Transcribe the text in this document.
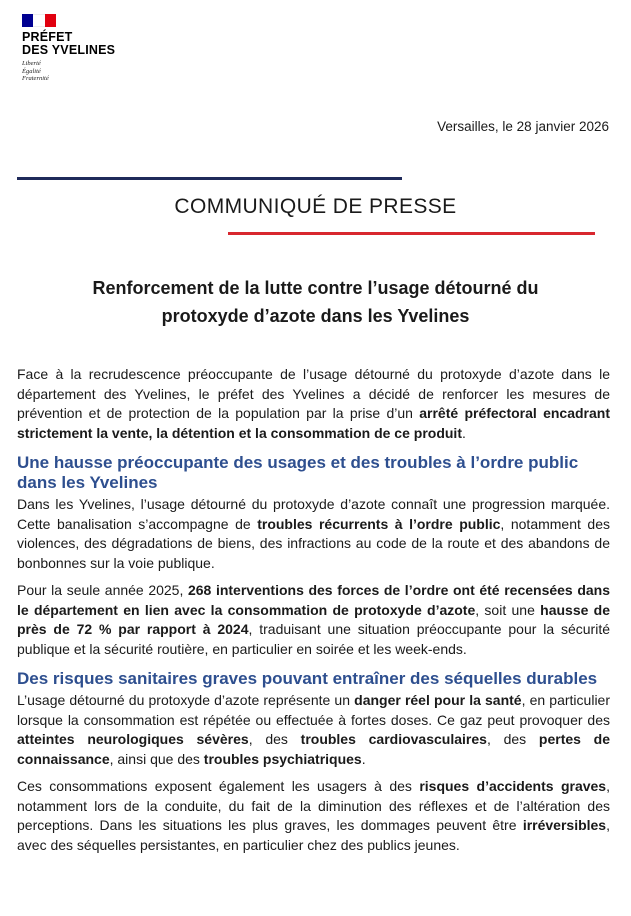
PRÉFET
DES YVELINES
Liberté
Égalité
Fraternité
Versailles, le 28 janvier 2026
COMMUNIQUÉ DE PRESSE
Renforcement de la lutte contre l’usage détourné du
protoxyde d’azote dans les Yvelines

Face à la recrudescence préoccupante de l’usage détourné du protoxyde d’azote dans le département des Yvelines, le préfet des Yvelines a décidé de renforcer les mesures de prévention et de protection de la population par la prise d’un arrêté préfectoral encadrant strictement la vente, la détention et la consommation de ce produit.

Une hausse préoccupante des usages et des troubles à l’ordre public dans les Yvelines

Dans les Yvelines, l’usage détourné du protoxyde d’azote connaît une progression marquée. Cette banalisation s’accompagne de troubles récurrents à l’ordre public, notamment des violences, des dégradations de biens, des infractions au code de la route et des abandons de bonbonnes sur la voie publique.

Pour la seule année 2025, 268 interventions des forces de l’ordre ont été recensées dans le département en lien avec la consommation de protoxyde d’azote, soit une hausse de près de 72 % par rapport à 2024, traduisant une situation préoccupante pour la sécurité publique et la sécurité routière, en particulier en soirée et les week-ends.

Des risques sanitaires graves pouvant entraîner des séquelles durables

L’usage détourné du protoxyde d’azote représente un danger réel pour la santé, en particulier lorsque la consommation est répétée ou effectuée à fortes doses. Ce gaz peut provoquer des atteintes neurologiques sévères, des troubles cardiovasculaires, des pertes de connaissance, ainsi que des troubles psychiatriques.

Ces consommations exposent également les usagers à des risques d’accidents graves, notamment lors de la conduite, du fait de la diminution des réflexes et de l’altération des perceptions. Dans les situations les plus graves, les dommages peuvent être irréversibles, avec des séquelles persistantes, en particulier chez des publics jeunes.
